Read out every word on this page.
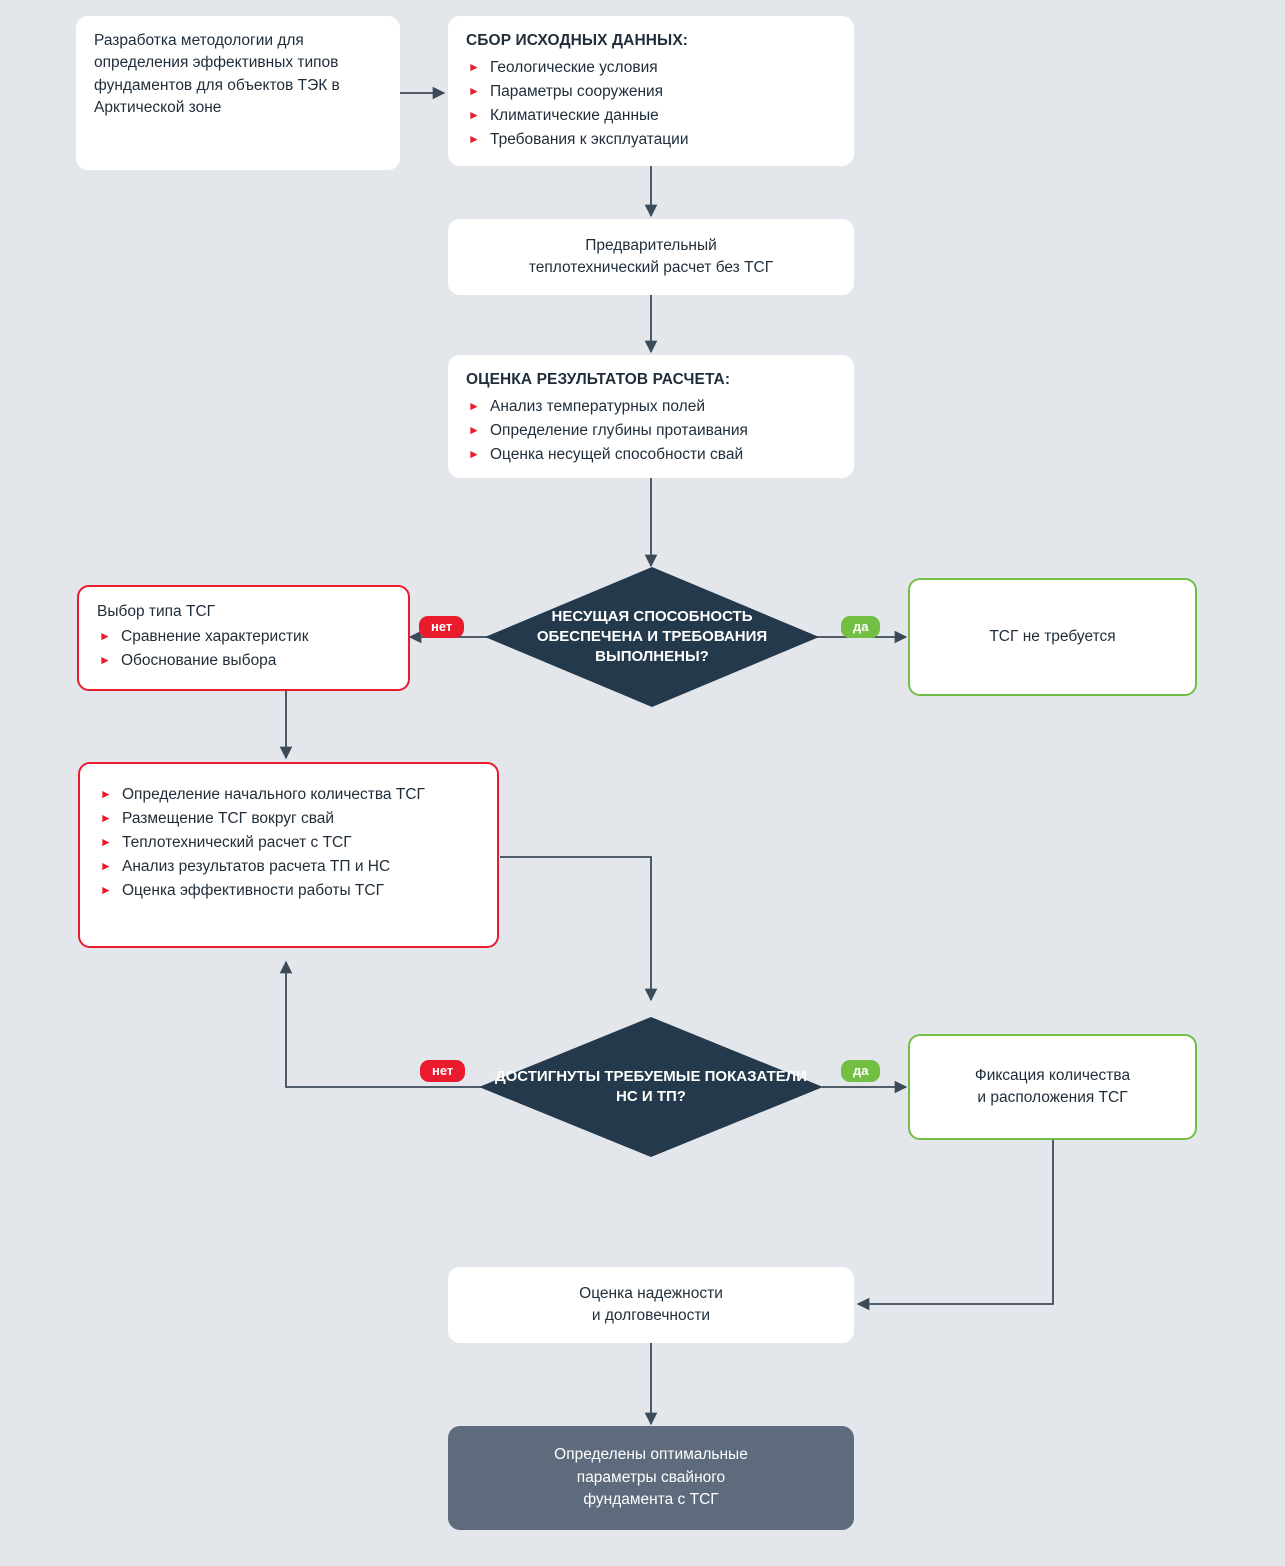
Разработка методологии для определения эффективных типов фундаментов для объектов ТЭК в Арктической зоне
СБОР ИСХОДНЫХ ДАННЫХ:
► Геологические условия
► Параметры сооружения
► Климатические данные
► Требования к эксплуатации
Предварительный
теплотехнический расчет без ТСГ
ОЦЕНКА РЕЗУЛЬТАТОВ РАСЧЕТА:
► Анализ температурных полей
► Определение глубины протаивания
► Оценка несущей способности свай
НЕСУЩАЯ СПОСОБНОСТЬ ОБЕСПЕЧЕНА И ТРЕБОВАНИЯ ВЫПОЛНЕНЫ?
нет	да
Выбор типа ТСГ
► Сравнение характеристик
► Обоснование выбора
ТСГ не требуется
► Определение начального количества ТСГ
► Размещение ТСГ вокруг свай
► Теплотехнический расчет с ТСГ
► Анализ результатов расчета ТП и НС
► Оценка эффективности работы ТСГ
ДОСТИГНУТЫ ТРЕБУЕМЫЕ ПОКАЗАТЕЛИ НС И ТП?
нет	да	Фиксация количества
и расположения ТСГ
Оценка надежности
и долговечности
Определены оптимальные
параметры свайного
фундамента с ТСГ
